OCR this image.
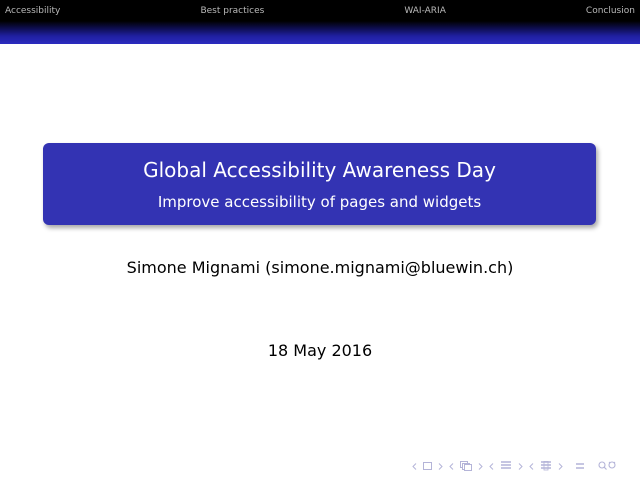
Accessibility	Best practices	WAI-ARIA	Conclusion
Global Accessibility Awareness Day
Improve accessibility of pages and widgets
Simone Mignami (simone.mignami@bluewin.ch)
18 May 2016
